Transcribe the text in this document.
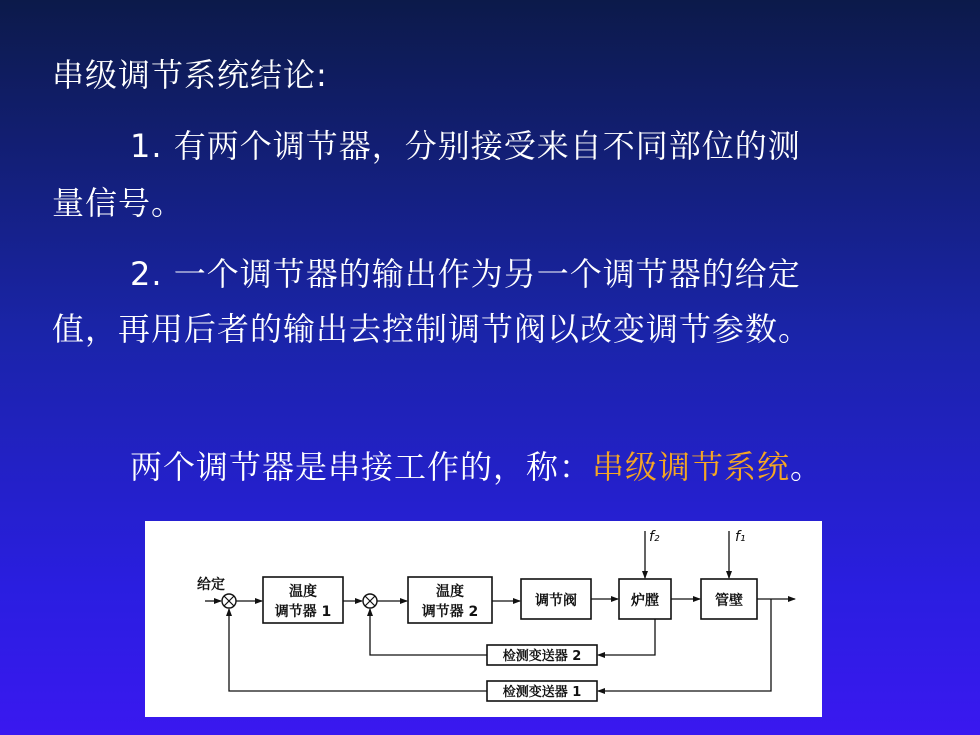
串级调节系统结论:
1. 有两个调节器，分别接受来自不同部位的测
量信号。
2. 一个调节器的输出作为另一个调节器的给定
值，再用后者的输出去控制调节阀以改变调节参数。
两个调节器是串接工作的，称：串级调节系统。
给定	温度
调节器 1
温度
调节器 2
调节阀	炉膛	管壁
检测变送器 2
检测变送器 1
f₂	f₁
